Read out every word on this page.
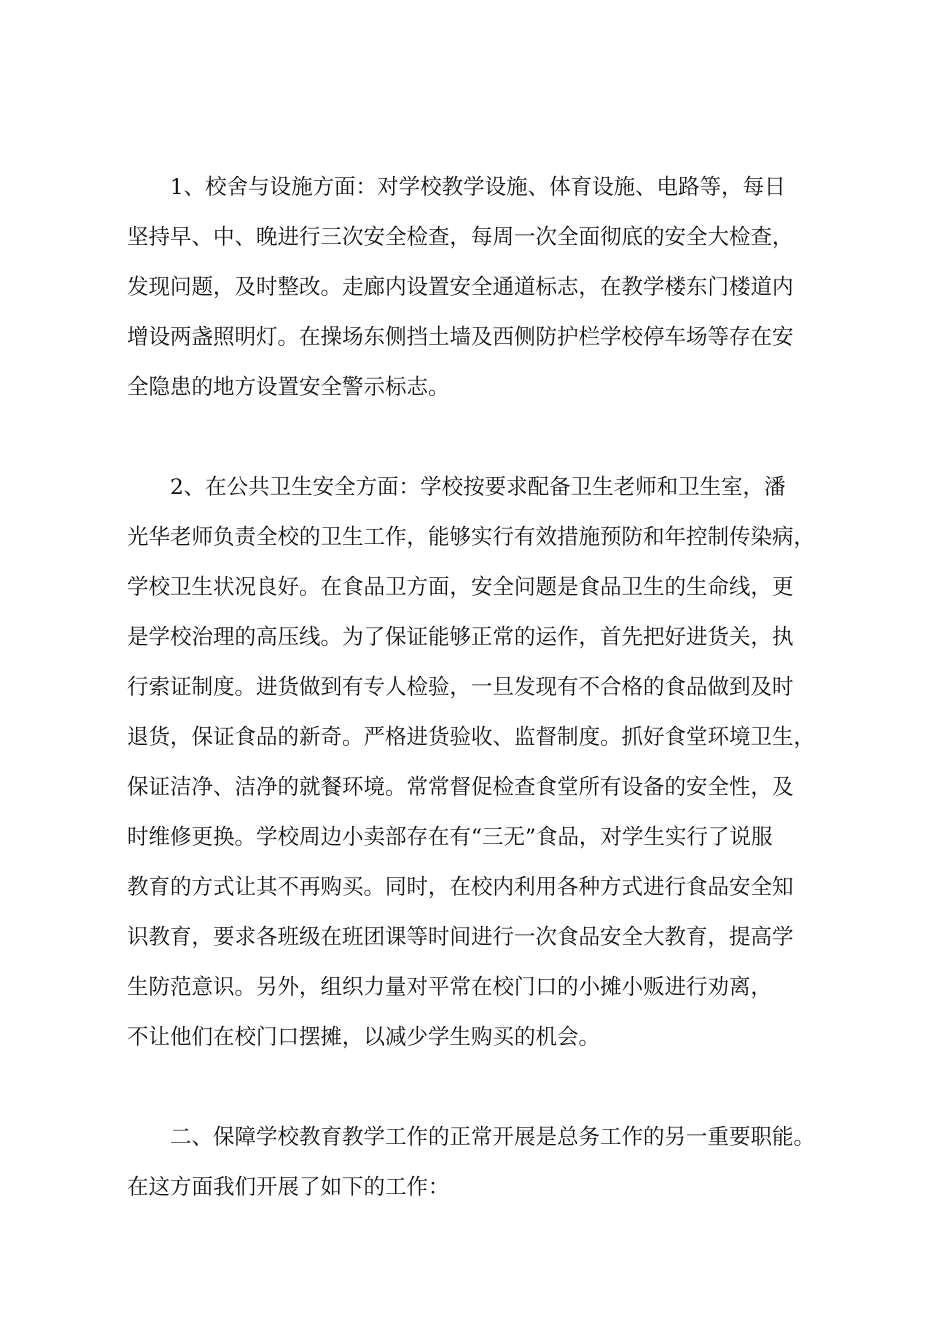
　　1、校舍与设施方面：对学校教学设施、体育设施、电路等，每日
坚持早、中、晚进行三次安全检查，每周一次全面彻底的安全大检查，
发现问题，及时整改。走廊内设置安全通道标志，在教学楼东门楼道内
增设两盏照明灯。在操场东侧挡土墙及西侧防护栏学校停车场等存在安
全隐患的地方设置安全警示标志。
　　2、在公共卫生安全方面：学校按要求配备卫生老师和卫生室，潘
光华老师负责全校的卫生工作，能够实行有效措施预防和年控制传染病，
学校卫生状况良好。在食品卫方面，安全问题是食品卫生的生命线，更
是学校治理的高压线。为了保证能够正常的运作，首先把好进货关，执
行索证制度。进货做到有专人检验，一旦发现有不合格的食品做到及时
退货，保证食品的新奇。严格进货验收、监督制度。抓好食堂环境卫生，
保证洁净、洁净的就餐环境。常常督促检查食堂所有设备的安全性，及
时维修更换。学校周边小卖部存在有“三无”食品，对学生实行了说服
教育的方式让其不再购买。同时，在校内利用各种方式进行食品安全知
识教育，要求各班级在班团课等时间进行一次食品安全大教育，提高学
生防范意识。另外，组织力量对平常在校门口的小摊小贩进行劝离，
不让他们在校门口摆摊，以减少学生购买的机会。
　　二、保障学校教育教学工作的正常开展是总务工作的另一重要职能。
在这方面我们开展了如下的工作：
